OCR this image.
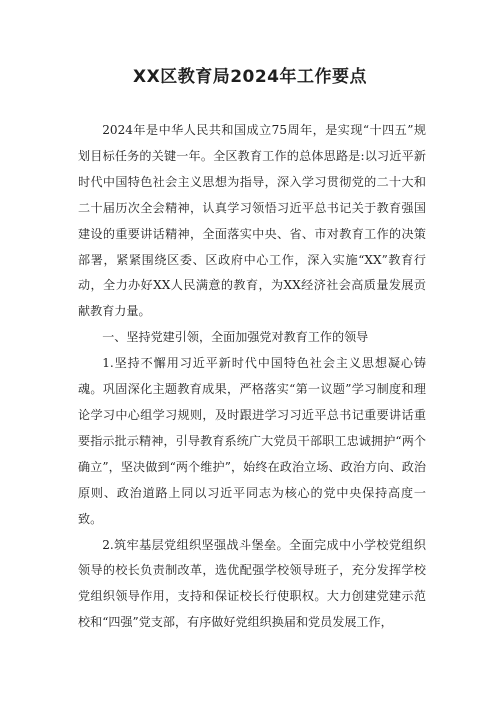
XX区教育局2024年工作要点

2024年是中华人民共和国成立75周年，是实现“十四五”规划目标任务的关键一年。全区教育工作的总体思路是:以习近平新时代中国特色社会主义思想为指导，深入学习贯彻党的二十大和二十届历次全会精神，认真学习领悟习近平总书记关于教育强国建设的重要讲话精神，全面落实中央、省、市对教育工作的决策部署，紧紧围绕区委、区政府中心工作，深入实施“XX”教育行动，全力办好XX人民满意的教育，为XX经济社会高质量发展贡献教育力量。

一、坚持党建引领，全面加强党对教育工作的领导

1.坚持不懈用习近平新时代中国特色社会主义思想凝心铸魂。巩固深化主题教育成果，严格落实“第一议题”学习制度和理论学习中心组学习规则，及时跟进学习习近平总书记重要讲话重要指示批示精神，引导教育系统广大党员干部职工忠诚拥护“两个确立”，坚决做到“两个维护”，始终在政治立场、政治方向、政治原则、政治道路上同以习近平同志为核心的党中央保持高度一致。

2.筑牢基层党组织坚强战斗堡垒。全面完成中小学校党组织领导的校长负责制改革，选优配强学校领导班子，充分发挥学校党组织领导作用，支持和保证校长行使职权。大力创建党建示范校和“四强”党支部，有序做好党组织换届和党员发展工作，
